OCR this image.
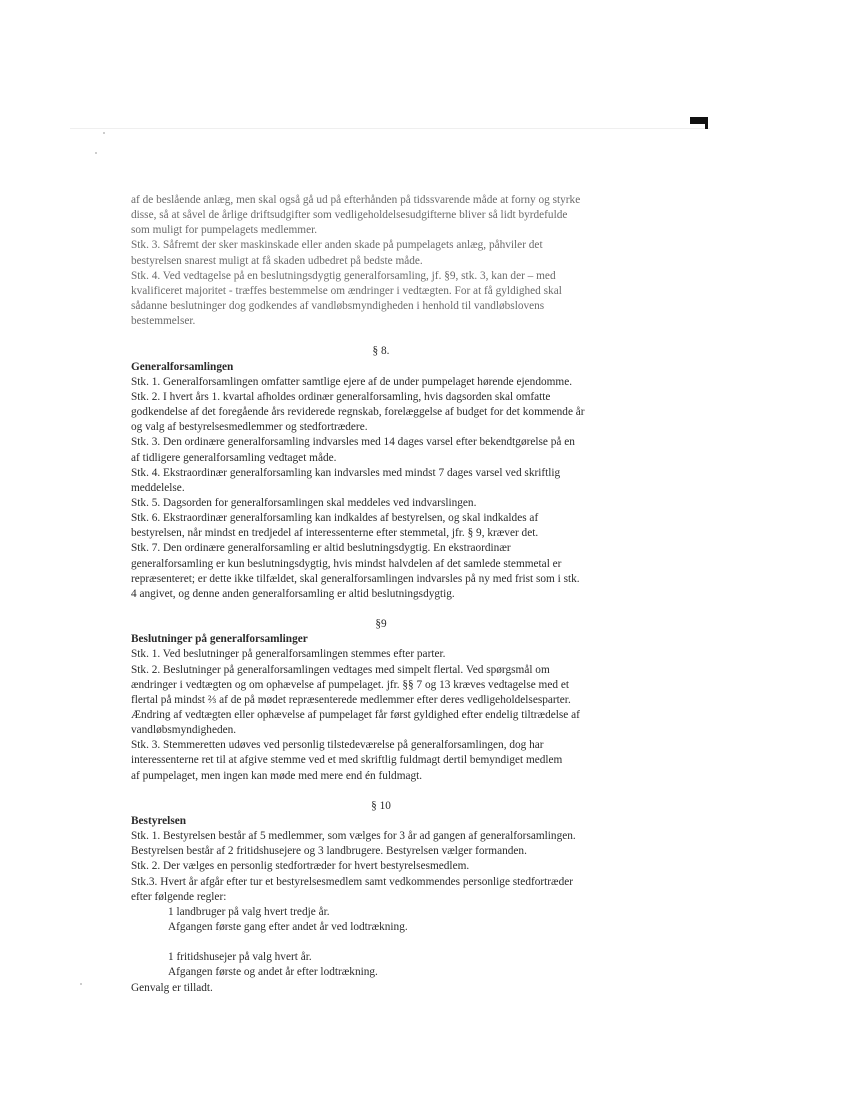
af de beslående anlæg, men skal også gå ud på efterhånden på tidssvarende måde at forny og styrke
disse, så at såvel de årlige driftsudgifter som vedligeholdelsesudgifterne bliver så lidt byrdefulde
som muligt for pumpelagets medlemmer.
Stk. 3. Såfremt der sker maskinskade eller anden skade på pumpelagets anlæg, påhviler det
bestyrelsen snarest muligt at få skaden udbedret på bedste måde.
Stk. 4. Ved vedtagelse på en beslutningsdygtig generalforsamling, jf. §9, stk. 3, kan der – med
kvalificeret majoritet - træffes bestemmelse om ændringer i vedtægten. For at få gyldighed skal
sådanne beslutninger dog godkendes af vandløbsmyndigheden i henhold til vandløbslovens
bestemmelser.
§ 8.
Generalforsamlingen
Stk. 1. Generalforsamlingen omfatter samtlige ejere af de under pumpelaget hørende ejendomme.
Stk. 2. I hvert års 1. kvartal afholdes ordinær generalforsamling, hvis dagsorden skal omfatte
godkendelse af det foregående års reviderede regnskab, forelæggelse af budget for det kommende år
og valg af bestyrelsesmedlemmer og stedfortrædere.
Stk. 3. Den ordinære generalforsamling indvarsles med 14 dages varsel efter bekendtgørelse på en
af tidligere generalforsamling vedtaget måde.
Stk. 4. Ekstraordinær generalforsamling kan indvarsles med mindst 7 dages varsel ved skriftlig
meddelelse.
Stk. 5. Dagsorden for generalforsamlingen skal meddeles ved indvarslingen.
Stk. 6. Ekstraordinær generalforsamling kan indkaldes af bestyrelsen, og skal indkaldes af
bestyrelsen, når mindst en tredjedel af interessenterne efter stemmetal, jfr. § 9, kræver det.
Stk. 7. Den ordinære generalforsamling er altid beslutningsdygtig. En ekstraordinær
generalforsamling er kun beslutningsdygtig, hvis mindst halvdelen af det samlede stemmetal er
repræsenteret; er dette ikke tilfældet, skal generalforsamlingen indvarsles på ny med frist som i stk.
4 angivet, og denne anden generalforsamling er altid beslutningsdygtig.
§9
Beslutninger på generalforsamlinger
Stk. 1. Ved beslutninger på generalforsamlingen stemmes efter parter.
Stk. 2. Beslutninger på generalforsamlingen vedtages med simpelt flertal. Ved spørgsmål om
ændringer i vedtægten og om ophævelse af pumpelaget. jfr. §§ 7 og 13 kræves vedtagelse med et
flertal på mindst ⅔ af de på mødet repræsenterede medlemmer efter deres vedligeholdelsesparter.
Ændring af vedtægten eller ophævelse af pumpelaget får først gyldighed efter endelig tiltrædelse af
vandløbsmyndigheden.
Stk. 3. Stemmeretten udøves ved personlig tilstedeværelse på generalforsamlingen, dog har
interessenterne ret til at afgive stemme ved et med skriftlig fuldmagt dertil bemyndiget medlem
af pumpelaget, men ingen kan møde med mere end én fuldmagt.
§ 10
Bestyrelsen
Stk. 1. Bestyrelsen består af 5 medlemmer, som vælges for 3 år ad gangen af generalforsamlingen.
Bestyrelsen består af 2 fritidshusejere og 3 landbrugere. Bestyrelsen vælger formanden.
Stk. 2. Der vælges en personlig stedfortræder for hvert bestyrelsesmedlem.
Stk.3. Hvert år afgår efter tur et bestyrelsesmedlem samt vedkommendes personlige stedfortræder
efter følgende regler:
1 landbruger på valg hvert tredje år.
Afgangen første gang efter andet år ved lodtrækning.
1 fritidshusejer på valg hvert år.
Afgangen første og andet år efter lodtrækning.
Genvalg er tilladt.
